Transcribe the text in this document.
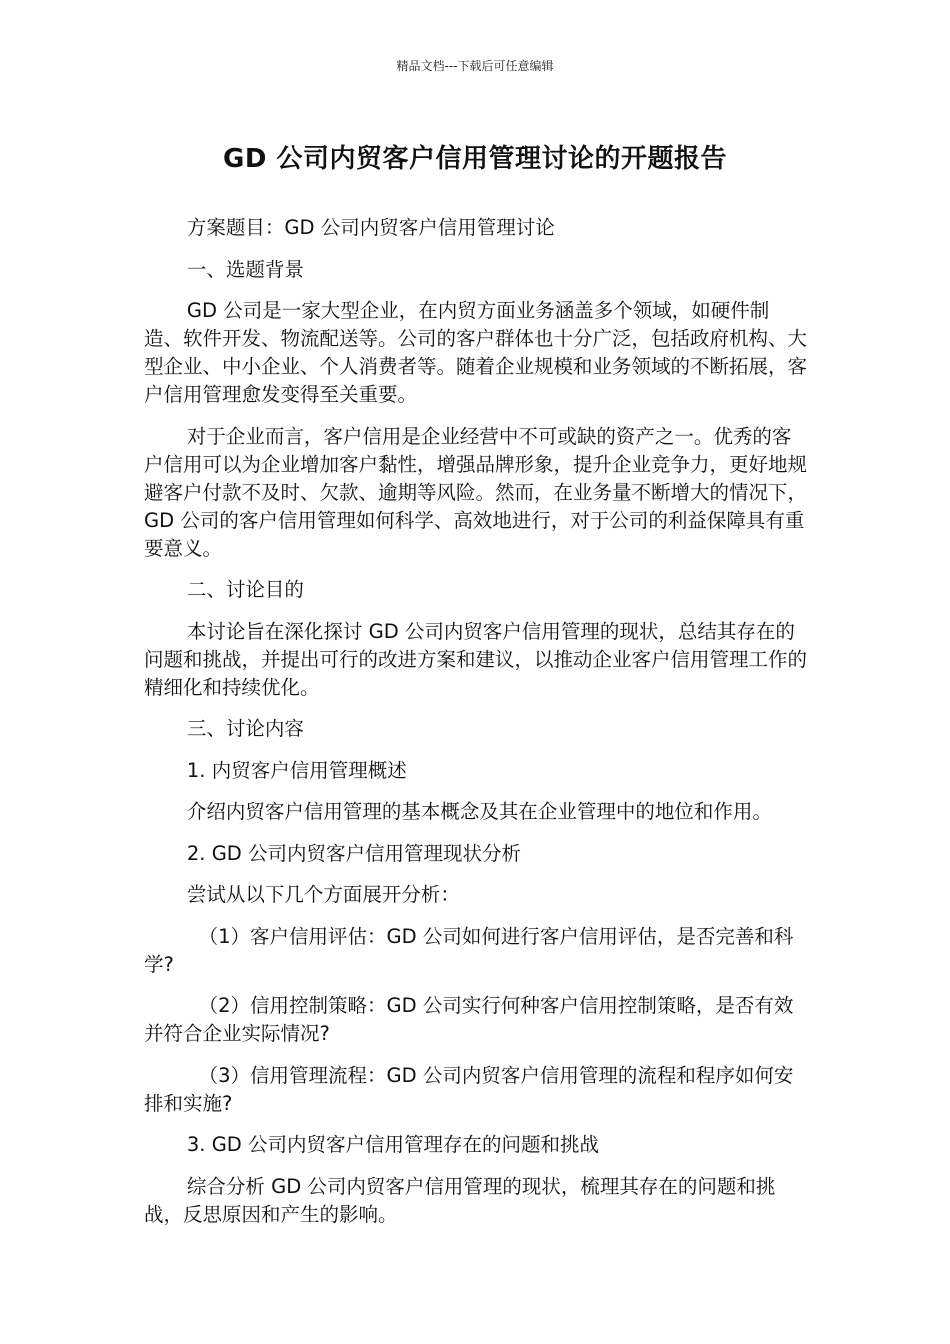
精品文档---下载后可任意编辑
GD 公司内贸客户信用管理讨论的开题报告

方案题目：GD 公司内贸客户信用管理讨论

一、选题背景

GD 公司是一家大型企业，在内贸方面业务涵盖多个领域，如硬件制造、软件开发、物流配送等。公司的客户群体也十分广泛，包括政府机构、大型企业、中小企业、个人消费者等。随着企业规模和业务领域的不断拓展，客户信用管理愈发变得至关重要。

对于企业而言，客户信用是企业经营中不可或缺的资产之一。优秀的客户信用可以为企业增加客户黏性，增强品牌形象，提升企业竞争力，更好地规避客户付款不及时、欠款、逾期等风险。然而，在业务量不断增大的情况下，GD 公司的客户信用管理如何科学、高效地进行，对于公司的利益保障具有重要意义。

二、讨论目的

本讨论旨在深化探讨 GD 公司内贸客户信用管理的现状，总结其存在的问题和挑战，并提出可行的改进方案和建议，以推动企业客户信用管理工作的精细化和持续优化。

三、讨论内容

1. 内贸客户信用管理概述

介绍内贸客户信用管理的基本概念及其在企业管理中的地位和作用。

2. GD 公司内贸客户信用管理现状分析

尝试从以下几个方面展开分析：

（1）客户信用评估：GD 公司如何进行客户信用评估，是否完善和科学?

（2）信用控制策略：GD 公司实行何种客户信用控制策略，是否有效并符合企业实际情况?

（3）信用管理流程：GD 公司内贸客户信用管理的流程和程序如何安排和实施?

3. GD 公司内贸客户信用管理存在的问题和挑战

综合分析 GD 公司内贸客户信用管理的现状，梳理其存在的问题和挑战，反思原因和产生的影响。
